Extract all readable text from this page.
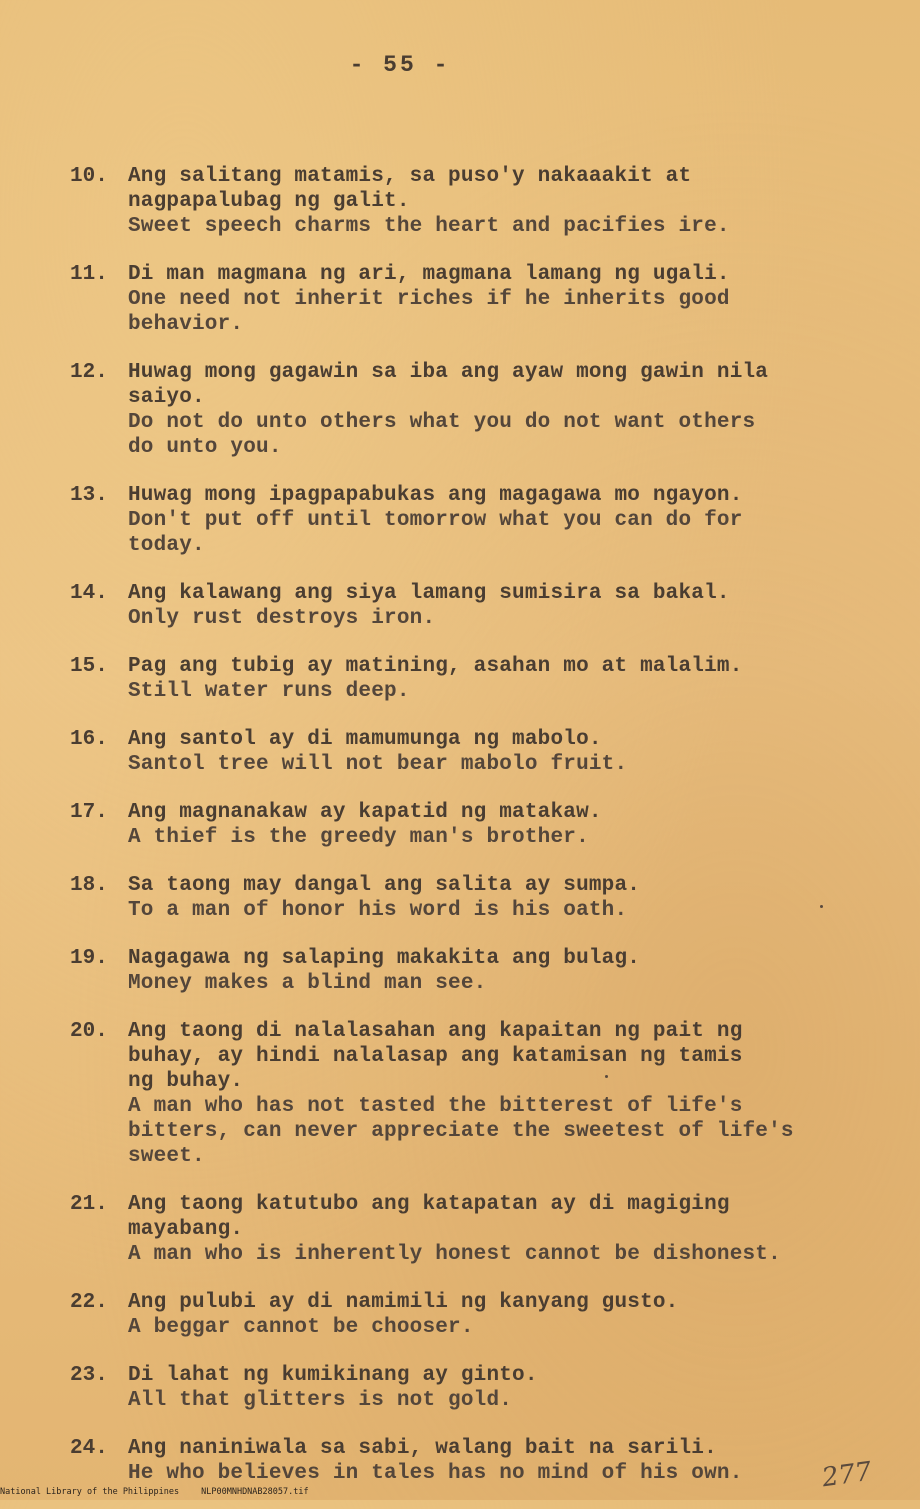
- 55 -
10. Ang salitang matamis, sa puso'y nakaaakit at
nagpapalubag ng galit.
Sweet speech charms the heart and pacifies ire.
11. Di man magmana ng ari, magmana lamang ng ugali.
One need not inherit riches if he inherits good
behavior.
12. Huwag mong gagawin sa iba ang ayaw mong gawin nila
saiyo.
Do not do unto others what you do not want others
do unto you.
13. Huwag mong ipagpapabukas ang magagawa mo ngayon.
Don't put off until tomorrow what you can do for
today.
14. Ang kalawang ang siya lamang sumisira sa bakal.
Only rust destroys iron.
15. Pag ang tubig ay matining, asahan mo at malalim.
Still water runs deep.
16. Ang santol ay di mamumunga ng mabolo.
Santol tree will not bear mabolo fruit.
17. Ang magnanakaw ay kapatid ng matakaw.
A thief is the greedy man's brother.
18. Sa taong may dangal ang salita ay sumpa.
To a man of honor his word is his oath.
19. Nagagawa ng salaping makakita ang bulag.
Money makes a blind man see.
20. Ang taong di nalalasahan ang kapaitan ng pait ng
buhay, ay hindi nalalasap ang katamisan ng tamis
ng buhay.
A man who has not tasted the bitterest of life's
bitters, can never appreciate the sweetest of life's
sweet.
21. Ang taong katutubo ang katapatan ay di magiging
mayabang.
A man who is inherently honest cannot be dishonest.
22. Ang pulubi ay di namimili ng kanyang gusto.
A beggar cannot be chooser.
23. Di lahat ng kumikinang ay ginto.
All that glitters is not gold.
24. Ang naniniwala sa sabi, walang bait na sarili.
He who believes in tales has no mind of his own.
National Library of the Philippines	NLP00MNHDNAB28057.tif	277
